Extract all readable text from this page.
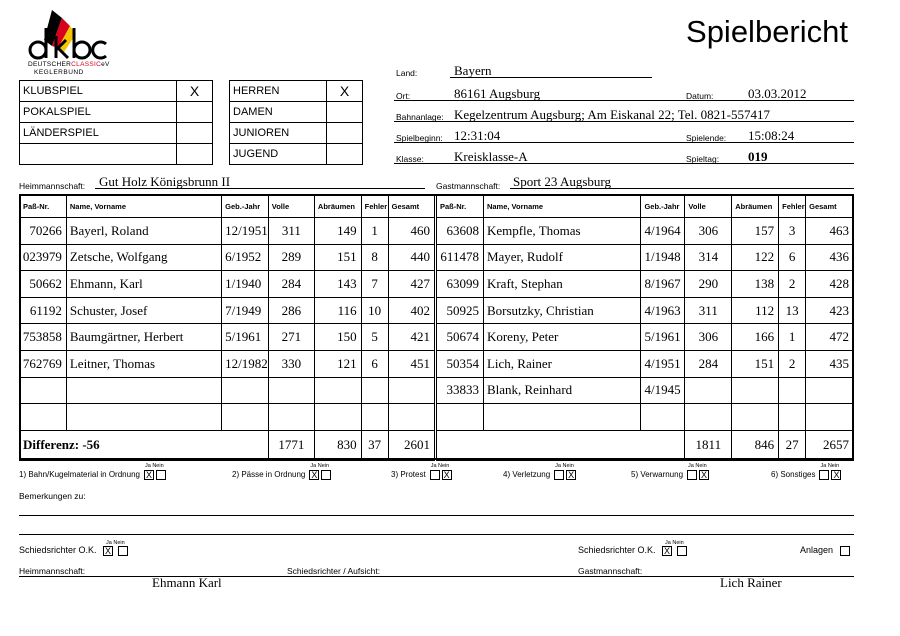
DEUTSCHERCLASSICeV
KEGLERBUND
Spielbericht
KLUBSPIEL	X
POKALSPIEL	
LÄNDERSPIEL	

HERREN	X
DAMEN	
JUNIOREN	
JUGEND	
Land:	Bayern
Ort:	86161 Augsburg	Datum:	03.03.2012
Bahnanlage: Kegelzentrum Augsburg; Am Eiskanal 22; Tel. 0821-557417
Spielbeginn: 12:31:04	Spielende: 15:08:24
Klasse: Kreisklasse-A	Spieltag: 019
Heimmannschaft: Gut Holz Königsbrunn II	Gastmannschaft: Sport 23 Augsburg
Paß-Nr.	Name, Vorname	Geb.-Jahr	Volle	Abräumen	Fehler	Gesamt
70266	Bayerl, Roland	12/1951	311	149	1	460
023979	Zetsche, Wolfgang	6/1952	289	151	8	440
50662	Ehmann, Karl	1/1940	284	143	7	427
61192	Schuster, Josef	7/1949	286	116	10	402
753858	Baumgärtner, Herbert	5/1961	271	150	5	421
762769	Leitner, Thomas	12/1982	330	121	6	451

Differenz: -56			1771	830	37	2601
Paß-Nr.	Name, Vorname	Geb.-Jahr	Volle	Abräumen	Fehler	Gesamt
63608	Kempfle, Thomas	4/1964	306	157	3	463
611478	Mayer, Rudolf	1/1948	314	122	6	436
63099	Kraft, Stephan	8/1967	290	138	2	428
50925	Borsutzky, Christian	4/1963	311	112	13	423
50674	Koreny, Peter	5/1961	306	166	1	472
50354	Lich, Rainer	4/1951	284	151	2	435
33833	Blank, Reinhard	4/1945				

			1811	846	27	2657
1) Bahn/Kugelmaterial in Ordnung
Ja Nein
X	2) Pässe in Ordnung
Ja Nein
X	3) Protest
Ja Nein
X	4) Verletzung
Ja Nein
X	5) Verwarnung
Ja Nein
X	6) Sonstiges
Ja Nein
X
Bemerkungen zu:
Schiedsrichter O.K. X
Ja Nein
Schiedsrichter O.K. X
Ja Nein
Anlagen
Heimmannschaft:	Schiedsrichter / Aufsicht:	Gastmannschaft:
Ehmann Karl	Lich Rainer
